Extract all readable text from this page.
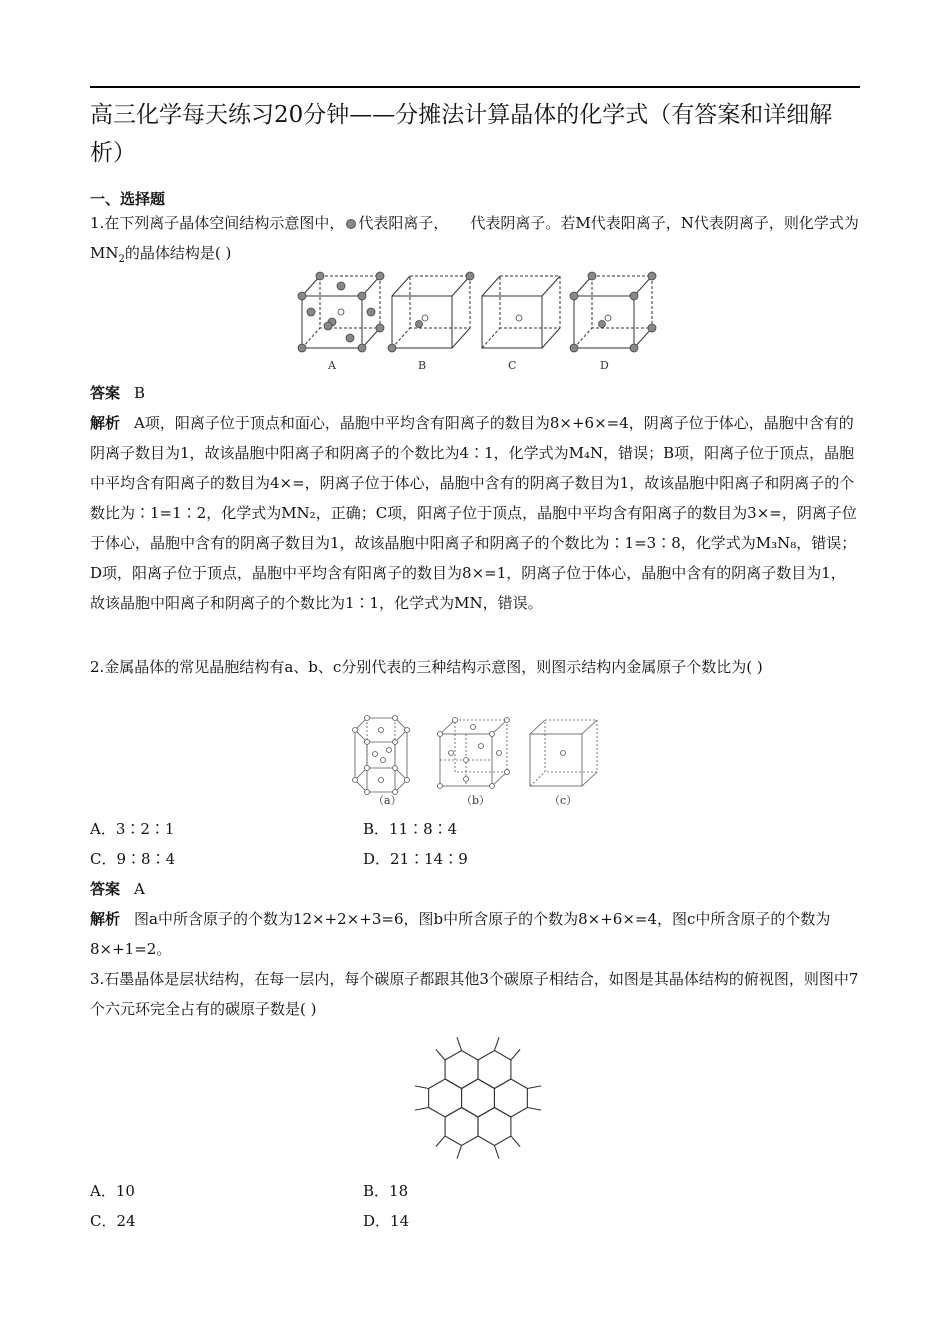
高三化学每天练习20分钟——分摊法计算晶体的化学式（有答案和详细解析）
一、选择题
1.在下列离子晶体空间结构示意图中， 代表阳离子， 代表阴离子。若M代表阳离子，N代表阴离子，则化学式为$MN_2$的晶体结构是( )
A	B	C	D
答案 B
解析 A项，阳离子位于顶点和面心，晶胞中平均含有阳离子的数目为8×+6×=4，阴离子位于体心，晶胞中含有的阴离子数目为1，故该晶胞中阳离子和阴离子的个数比为4∶1，化学式为M₄N，错误；B项，阳离子位于顶点，晶胞中平均含有阳离子的数目为4×=，阴离子位于体心，晶胞中含有的阴离子数目为1，故该晶胞中阳离子和阴离子的个数比为∶1=1∶2，化学式为MN₂，正确；C项，阳离子位于顶点，晶胞中平均含有阳离子的数目为3×=，阴离子位于体心，晶胞中含有的阴离子数目为1，故该晶胞中阳离子和阴离子的个数比为∶1=3∶8，化学式为M₃N₈，错误；D项，阳离子位于顶点，晶胞中平均含有阳离子的数目为8×=1，阴离子位于体心，晶胞中含有的阴离子数目为1，故该晶胞中阳离子和阴离子的个数比为1∶1，化学式为MN，错误。
2.金属晶体的常见晶胞结构有a、b、c分别代表的三种结构示意图，则图示结构内金属原子个数比为( )
（a）	（b）	（c）
A．3∶2∶1	B．11∶8∶4
C．9∶8∶4	D．21∶14∶9
答案 A
解析 图a中所含原子的个数为12×+2×+3=6，图b中所含原子的个数为8×+6×=4，图c中所含原子的个数为8×+1=2。
3.石墨晶体是层状结构，在每一层内，每个碳原子都跟其他3个碳原子相结合，如图是其晶体结构的俯视图，则图中7个六元环完全占有的碳原子数是( )
A．10	B．18
C．24	D．14
